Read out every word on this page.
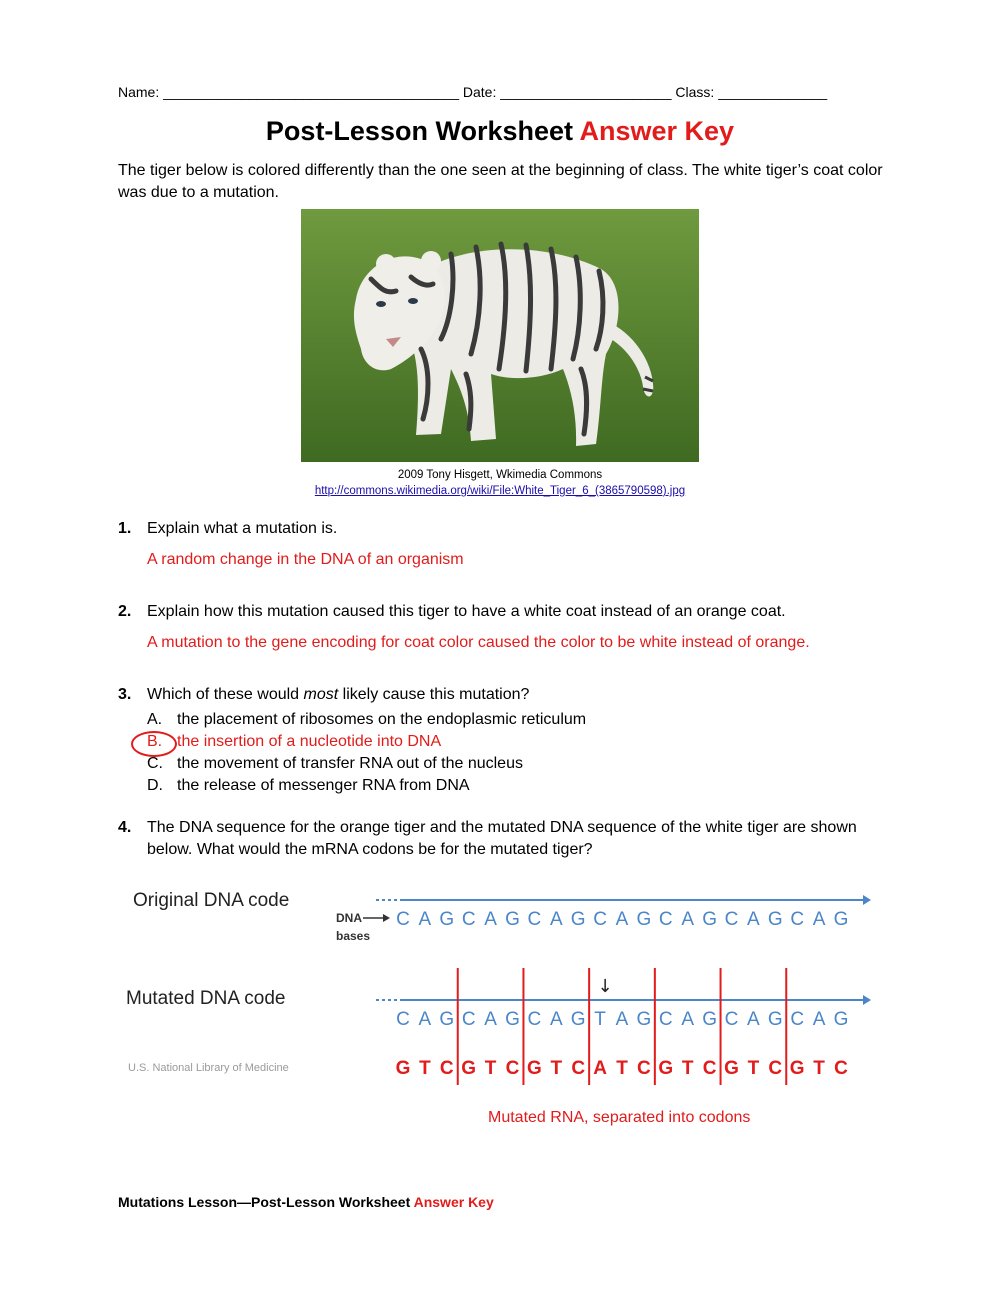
Name: ______________________________________ Date: ______________________ Class: ______________
Post-Lesson Worksheet Answer Key
The tiger below is colored differently than the one seen at the beginning of class. The white tiger’s coat color was due to a mutation.
2009 Tony Hisgett, Wkimedia Commons
http://commons.wikimedia.org/wiki/File:White_Tiger_6_(3865790598).jpg
1. Explain what a mutation is.
A random change in the DNA of an organism
2. Explain how this mutation caused this tiger to have a white coat instead of an orange coat.
A mutation to the gene encoding for coat color caused the color to be white instead of orange.
3. Which of these would most likely cause this mutation?
A. the placement of ribosomes on the endoplasmic reticulum
B. the insertion of a nucleotide into DNA
C. the movement of transfer RNA out of the nucleus
D. the release of messenger RNA from DNA
4. The DNA sequence for the orange tiger and the mutated DNA sequence of the white tiger are shown below. What would the mRNA codons be for the mutated tiger?
Original DNA code
Mutated DNA code
U.S. National Library of Medicine
DNA
bases
C A G C A G C A G C A G C A G C A G C A G
↓
C A G C A G C A G T A G C A G C A G C A G
G T C G T C G T C A T C G T C G T C G T C
Mutated RNA, separated into codons
Mutations Lesson—Post-Lesson Worksheet Answer Key
